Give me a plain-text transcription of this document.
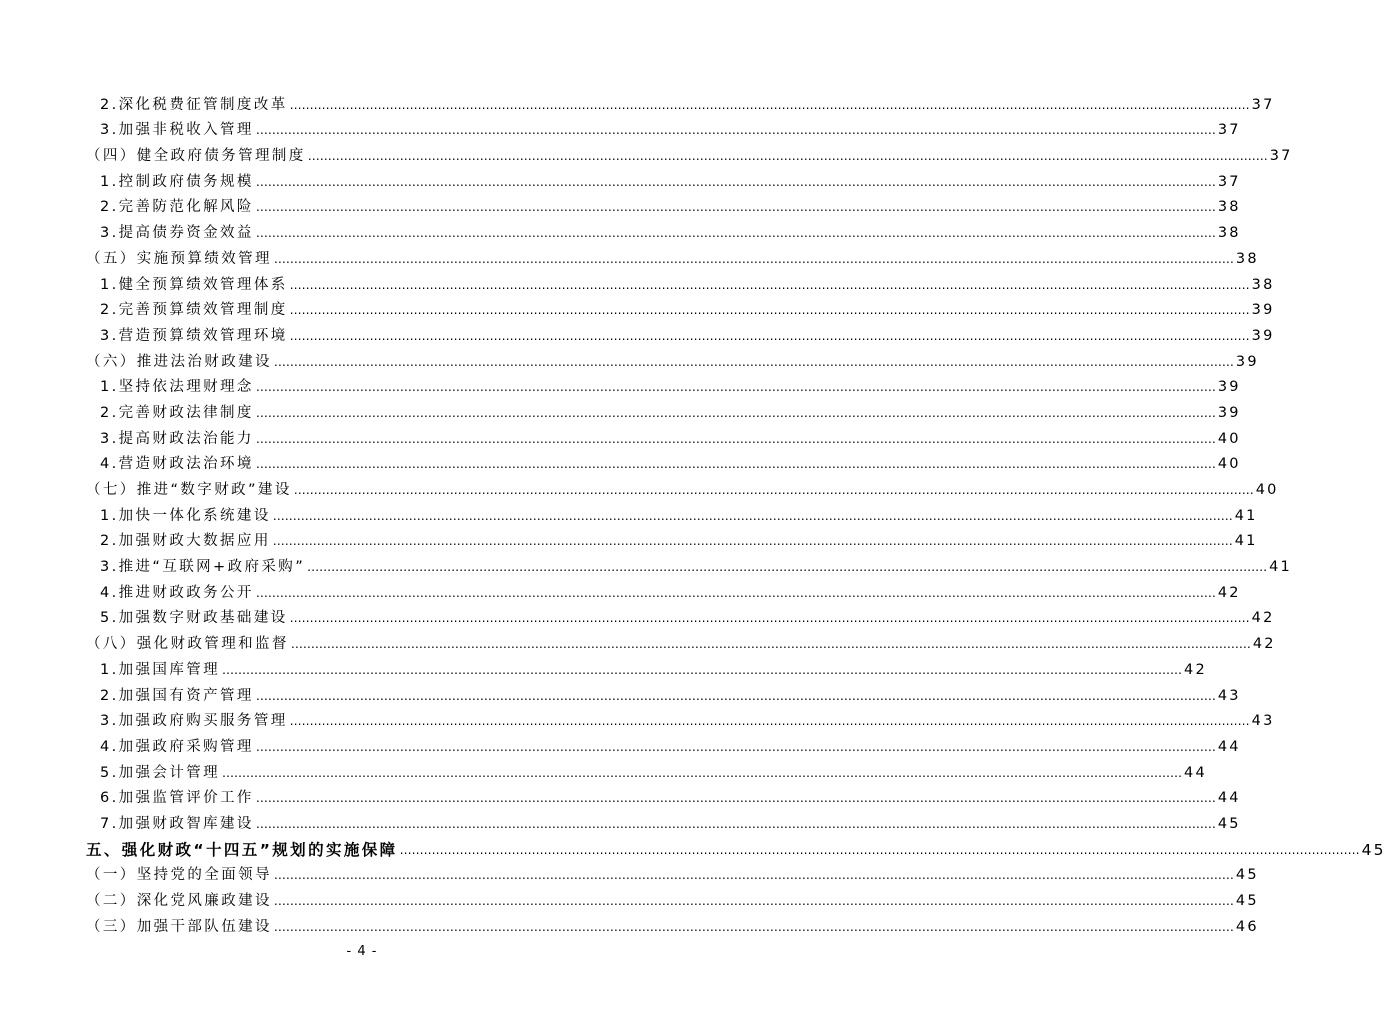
2.深化税费征管制度改革 …………………………………………………………………………………………………………………………………………………………………………………………………………………… 37
3.加强非税收入管理 …………………………………………………………………………………………………………………………………………………………………………………………………………………… 37
（四）健全政府债务管理制度 …………………………………………………………………………………………………………………………………………………………………………………………………………………… 37
1.控制政府债务规模 …………………………………………………………………………………………………………………………………………………………………………………………………………………… 37
2.完善防范化解风险 …………………………………………………………………………………………………………………………………………………………………………………………………………………… 38
3.提高债券资金效益 …………………………………………………………………………………………………………………………………………………………………………………………………………………… 38
（五）实施预算绩效管理 …………………………………………………………………………………………………………………………………………………………………………………………………………………… 38
1.健全预算绩效管理体系 …………………………………………………………………………………………………………………………………………………………………………………………………………………… 38
2.完善预算绩效管理制度 …………………………………………………………………………………………………………………………………………………………………………………………………………………… 39
3.营造预算绩效管理环境 …………………………………………………………………………………………………………………………………………………………………………………………………………………… 39
（六）推进法治财政建设 …………………………………………………………………………………………………………………………………………………………………………………………………………………… 39
1.坚持依法理财理念 …………………………………………………………………………………………………………………………………………………………………………………………………………………… 39
2.完善财政法律制度 …………………………………………………………………………………………………………………………………………………………………………………………………………………… 39
3.提高财政法治能力 …………………………………………………………………………………………………………………………………………………………………………………………………………………… 40
4.营造财政法治环境 …………………………………………………………………………………………………………………………………………………………………………………………………………………… 40
（七）推进“数字财政”建设 …………………………………………………………………………………………………………………………………………………………………………………………………………………… 40
1.加快一体化系统建设 …………………………………………………………………………………………………………………………………………………………………………………………………………………… 41
2.加强财政大数据应用 …………………………………………………………………………………………………………………………………………………………………………………………………………………… 41
3.推进“互联网+政府采购” …………………………………………………………………………………………………………………………………………………………………………………………………………………… 41
4.推进财政政务公开 …………………………………………………………………………………………………………………………………………………………………………………………………………………… 42
5.加强数字财政基础建设 …………………………………………………………………………………………………………………………………………………………………………………………………………………… 42
（八）强化财政管理和监督 …………………………………………………………………………………………………………………………………………………………………………………………………………………… 42
1.加强国库管理 …………………………………………………………………………………………………………………………………………………………………………………………………………………… 42
2.加强国有资产管理 …………………………………………………………………………………………………………………………………………………………………………………………………………………… 43
3.加强政府购买服务管理 …………………………………………………………………………………………………………………………………………………………………………………………………………………… 43
4.加强政府采购管理 …………………………………………………………………………………………………………………………………………………………………………………………………………………… 44
5.加强会计管理 …………………………………………………………………………………………………………………………………………………………………………………………………………………… 44
6.加强监管评价工作 …………………………………………………………………………………………………………………………………………………………………………………………………………………… 44
7.加强财政智库建设 …………………………………………………………………………………………………………………………………………………………………………………………………………………… 45
五、强化财政“十四五”规划的实施保障 …………………………………………………………………………………………………………………………………………………………………………………………………………………… 45
（一）坚持党的全面领导 …………………………………………………………………………………………………………………………………………………………………………………………………………………… 45
（二）深化党风廉政建设 …………………………………………………………………………………………………………………………………………………………………………………………………………………… 45
（三）加强干部队伍建设 …………………………………………………………………………………………………………………………………………………………………………………………………………………… 46
- 4 -
